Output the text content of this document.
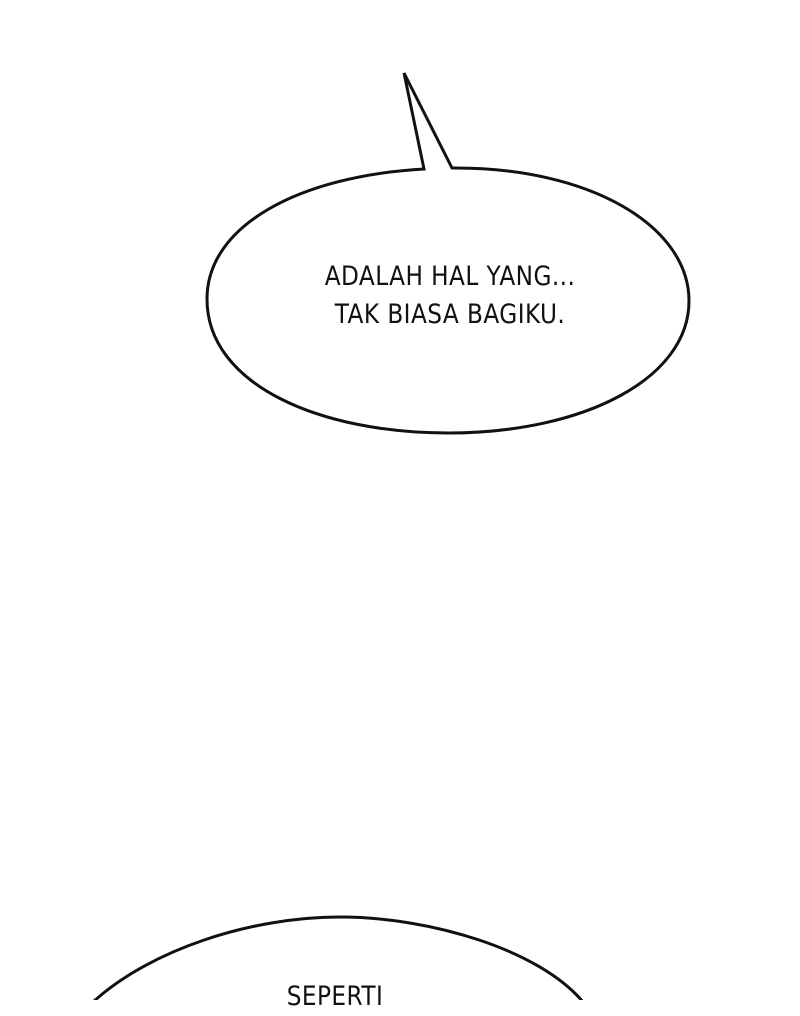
ADALAH HAL YANG...
TAK BIASA BAGIKU.
SEPERTI
